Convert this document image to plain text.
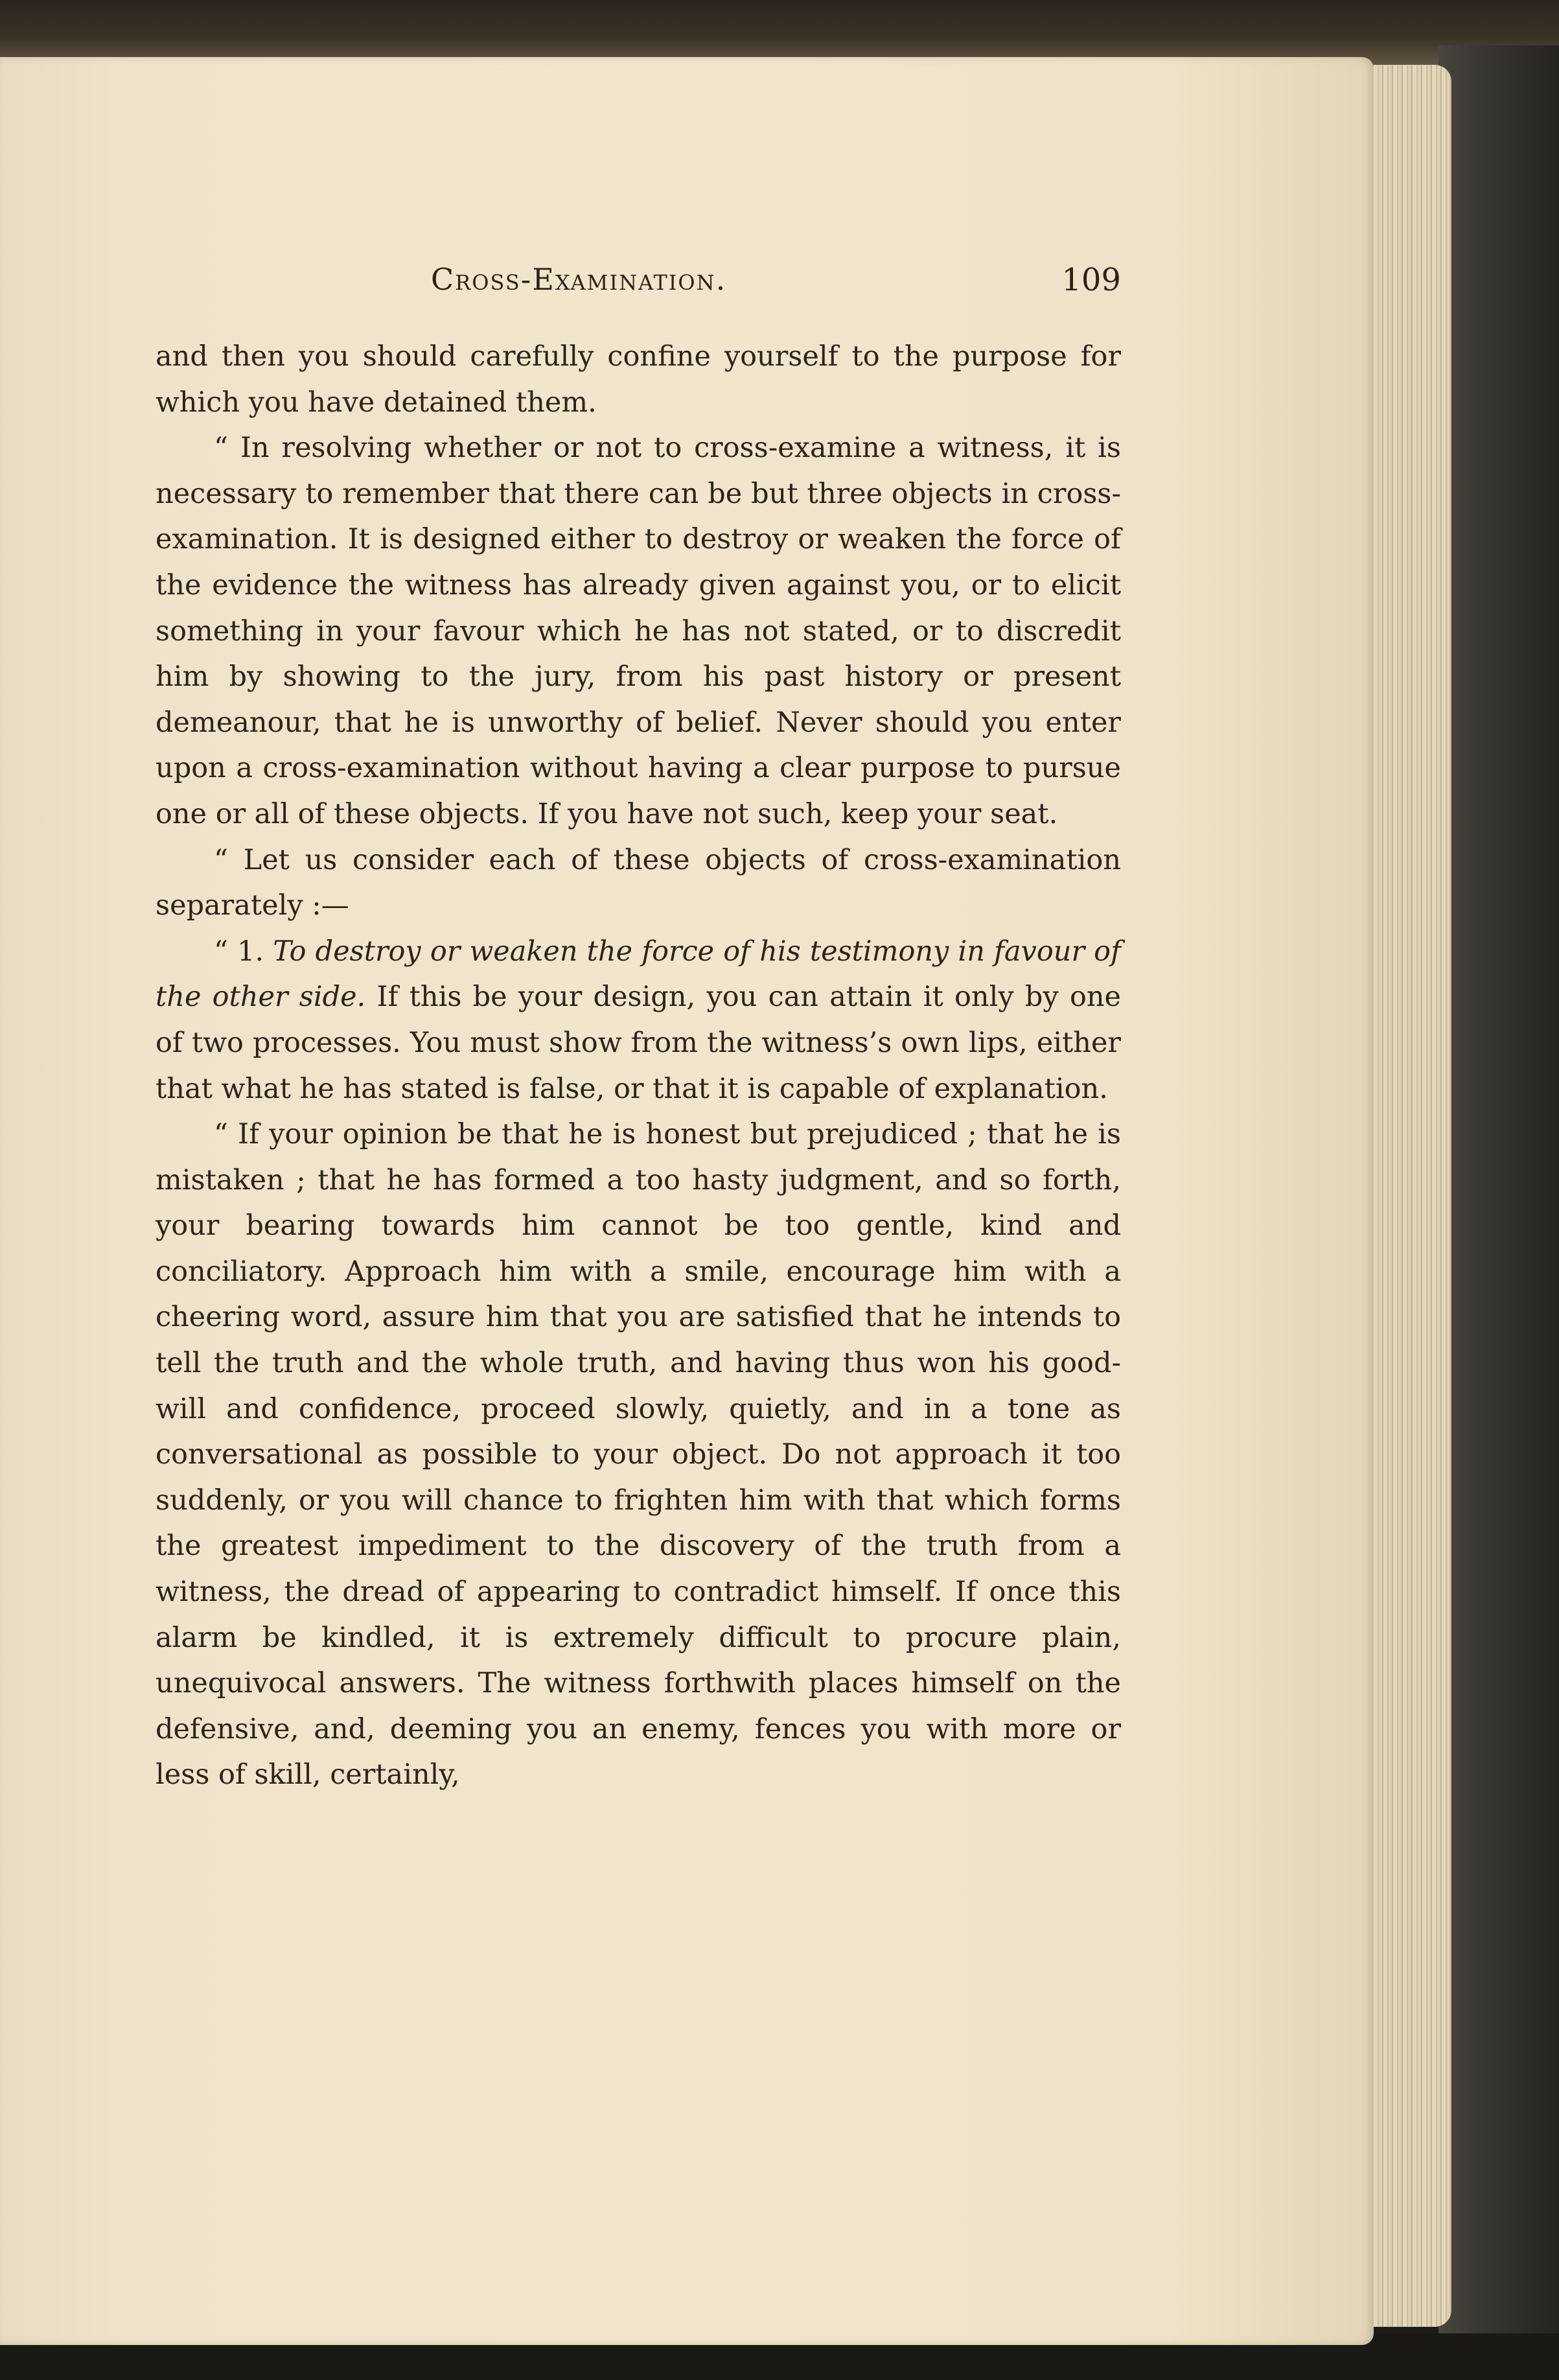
Cross-Examination.	109

and then you should carefully confine yourself to the purpose for which you have detained them.

“ In resolving whether or not to cross-examine a witness, it is necessary to remember that there can be but three objects in cross-examination. It is designed either to destroy or weaken the force of the evidence the witness has already given against you, or to elicit something in your favour which he has not stated, or to discredit him by showing to the jury, from his past history or present demeanour, that he is unworthy of belief. Never should you enter upon a cross-examination without having a clear purpose to pursue one or all of these objects. If you have not such, keep your seat.

“ Let us consider each of these objects of cross-examination separately :—

“ 1. To destroy or weaken the force of his testimony in favour of the other side. If this be your design, you can attain it only by one of two processes. You must show from the witness’s own lips, either that what he has stated is false, or that it is capable of explanation.

“ If your opinion be that he is honest but prejudiced ; that he is mistaken ; that he has formed a too hasty judgment, and so forth, your bearing towards him cannot be too gentle, kind and conciliatory. Approach him with a smile, encourage him with a cheering word, assure him that you are satisfied that he intends to tell the truth and the whole truth, and having thus won his good-will and confidence, proceed slowly, quietly, and in a tone as conversational as possible to your object. Do not approach it too suddenly, or you will chance to frighten him with that which forms the greatest impediment to the discovery of the truth from a witness, the dread of appearing to contradict himself. If once this alarm be kindled, it is extremely difficult to procure plain, unequivocal answers. The witness forthwith places himself on the defensive, and, deeming you an enemy, fences you with more or less of skill, certainly,
